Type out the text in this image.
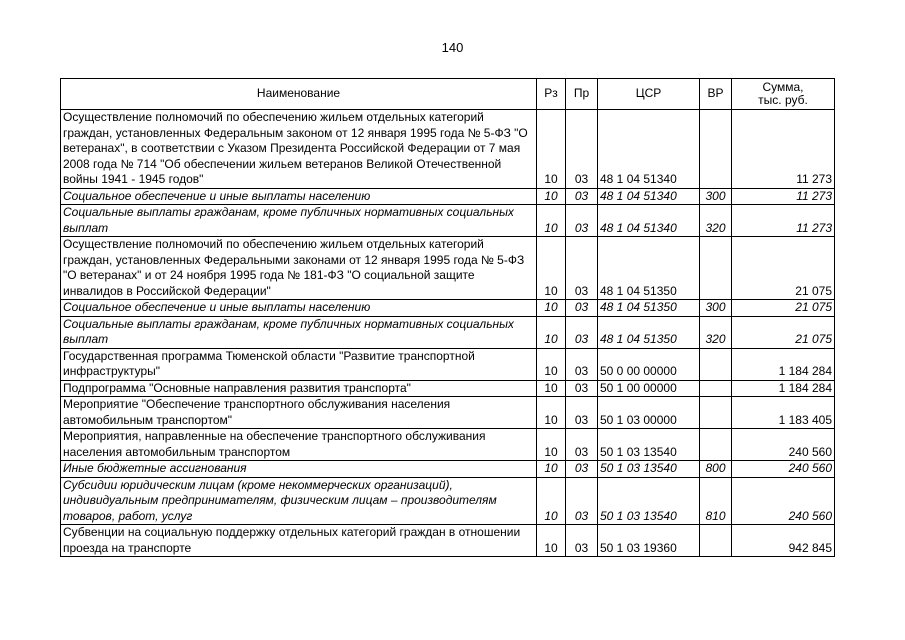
140
Наименование	Рз	Пр	ЦСР	ВР	Сумма,
тыс. руб.
Осуществление полномочий по обеспечению жильем отдельных категорий граждан, установленных Федеральным законом от 12 января 1995 года № 5-ФЗ "О ветеранах", в соответствии с Указом Президента Российской Федерации от 7 мая 2008 года № 714 "Об обеспечении жильем ветеранов Великой Отечественной войны 1941 - 1945 годов"	10	03	48 1 04 51340		11 273
Социальное обеспечение и иные выплаты населению	10	03	48 1 04 51340	300	11 273
Социальные выплаты гражданам, кроме публичных нормативных социальных выплат	10	03	48 1 04 51340	320	11 273
Осуществление полномочий по обеспечению жильем отдельных категорий граждан, установленных Федеральными законами от 12 января 1995 года № 5-ФЗ "О ветеранах" и от 24 ноября 1995 года № 181-ФЗ "О социальной защите инвалидов в Российской Федерации"	10	03	48 1 04 51350		21 075
Социальное обеспечение и иные выплаты населению	10	03	48 1 04 51350	300	21 075
Социальные выплаты гражданам, кроме публичных нормативных социальных выплат	10	03	48 1 04 51350	320	21 075
Государственная программа Тюменской области "Развитие транспортной инфраструктуры"	10	03	50 0 00 00000		1 184 284
Подпрограмма "Основные направления развития транспорта"	10	03	50 1 00 00000		1 184 284
Мероприятие "Обеспечение транспортного обслуживания населения автомобильным транспортом"	10	03	50 1 03 00000		1 183 405
Мероприятия, направленные на обеспечение транспортного обслуживания населения автомобильным транспортом	10	03	50 1 03 13540		240 560
Иные бюджетные ассигнования	10	03	50 1 03 13540	800	240 560
Субсидии юридическим лицам (кроме некоммерческих организаций), индивидуальным предпринимателям, физическим лицам – производителям товаров, работ, услуг	10	03	50 1 03 13540	810	240 560
Субвенции на социальную поддержку отдельных категорий граждан в отношении проезда на транспорте	10	03	50 1 03 19360		942 845
